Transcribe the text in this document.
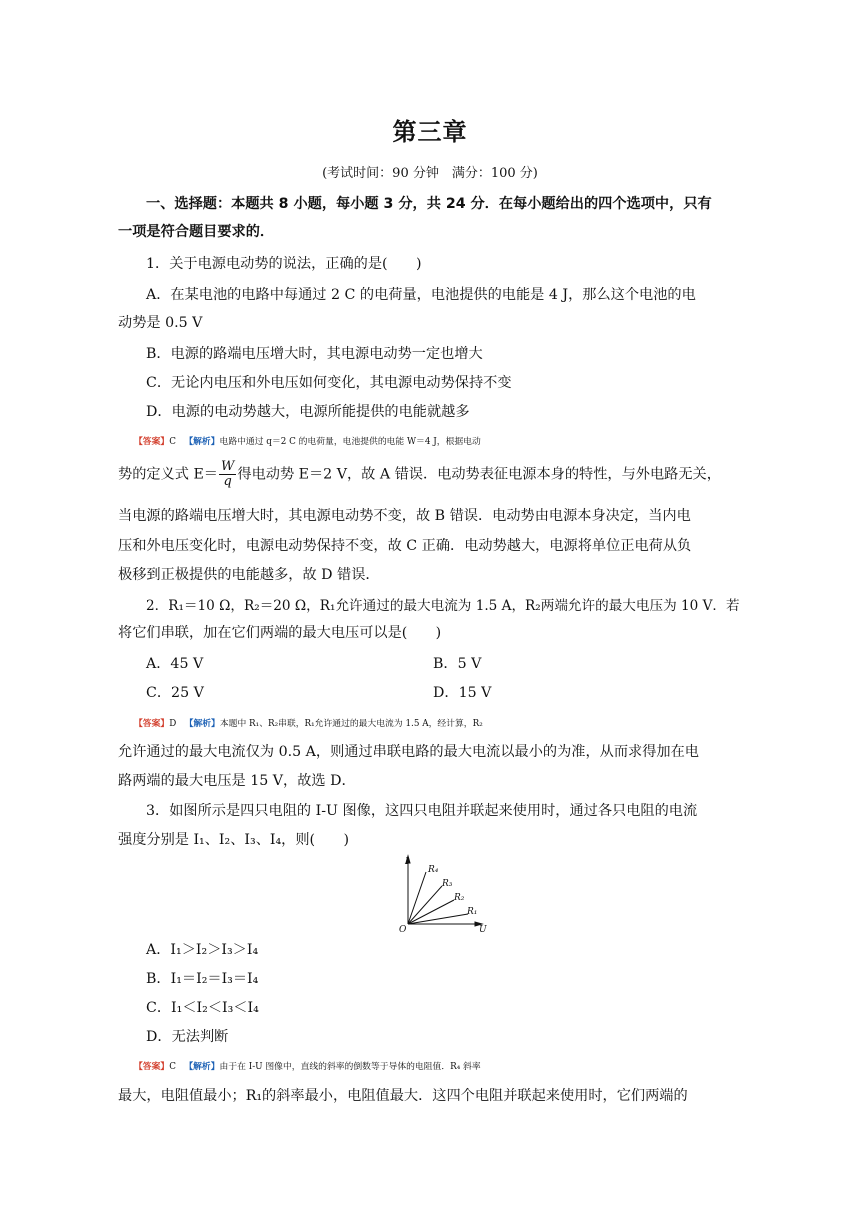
第三章
(考试时间：90 分钟　满分：100 分)
一、选择题：本题共 8 小题，每小题 3 分，共 24 分．在每小题给出的四个选项中，只有
一项是符合题目要求的．
1．关于电源电动势的说法，正确的是(　　)
A．在某电池的电路中每通过 2 C 的电荷量，电池提供的电能是 4 J，那么这个电池的电
动势是 0.5 V
B．电源的路端电压增大时，其电源电动势一定也增大
C．无论内电压和外电压如何变化，其电源电动势保持不变
D．电源的电动势越大，电源所能提供的电能就越多
【答案】C 【解析】电路中通过 q＝2 C 的电荷量，电池提供的电能 W＝4 J，根据电动
势的定义式 $E= \frac{W}{q}$ 得电动势 E＝2 V，故 A 错误．电动势表征电源本身的特性，与外电路无关，
当电源的路端电压增大时，其电源电动势不变，故 B 错误．电动势由电源本身决定，当内电
压和外电压变化时，电源电动势保持不变，故 C 正确．电动势越大，电源将单位正电荷从负
极移到正极提供的电能越多，故 D 错误．
2．R₁＝10 Ω，R₂＝20 Ω，R₁允许通过的最大电流为 1.5 A，R₂两端允许的最大电压为 10 V．若
将它们串联，加在它们两端的最大电压可以是(　　)
A．45 V	B．5 V
C．25 V	D．15 V
【答案】D 【解析】本题中 R₁、R₂串联，R₁允许通过的最大电流为 1.5 A，经计算，R₂
允许通过的最大电流仅为 0.5 A，则通过串联电路的最大电流以最小的为准，从而求得加在电
路两端的最大电压是 15 V，故选 D．
3．如图所示是四只电阻的 I-U 图像，这四只电阻并联起来使用时，通过各只电阻的电流
强度分别是 I₁、I₂、I₃、I₄，则(　　)
I
U
O
R₄
R₃
R₂
R₁
A．I₁＞I₂＞I₃＞I₄
B．I₁＝I₂＝I₃＝I₄
C．I₁＜I₂＜I₃＜I₄
D．无法判断
【答案】C 【解析】由于在 I-U 图像中，直线的斜率的倒数等于导体的电阻值．R₄ 斜率
最大，电阻值最小；R₁的斜率最小，电阻值最大．这四个电阻并联起来使用时，它们两端的
